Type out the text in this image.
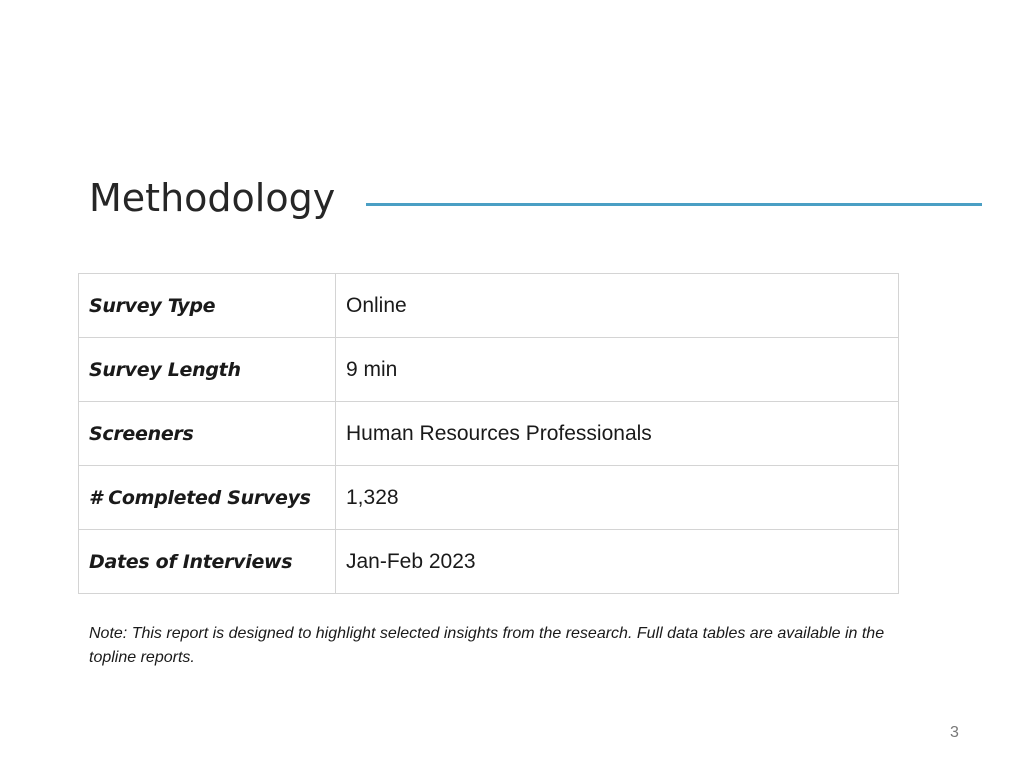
Methodology
Survey Type	Online
Survey Length	9 min
Screeners	Human Resources Professionals
# Completed Surveys	1,328
Dates of Interviews	Jan-Feb 2023
Note: This report is designed to highlight selected insights from the research. Full data tables are available in the topline reports.
3
